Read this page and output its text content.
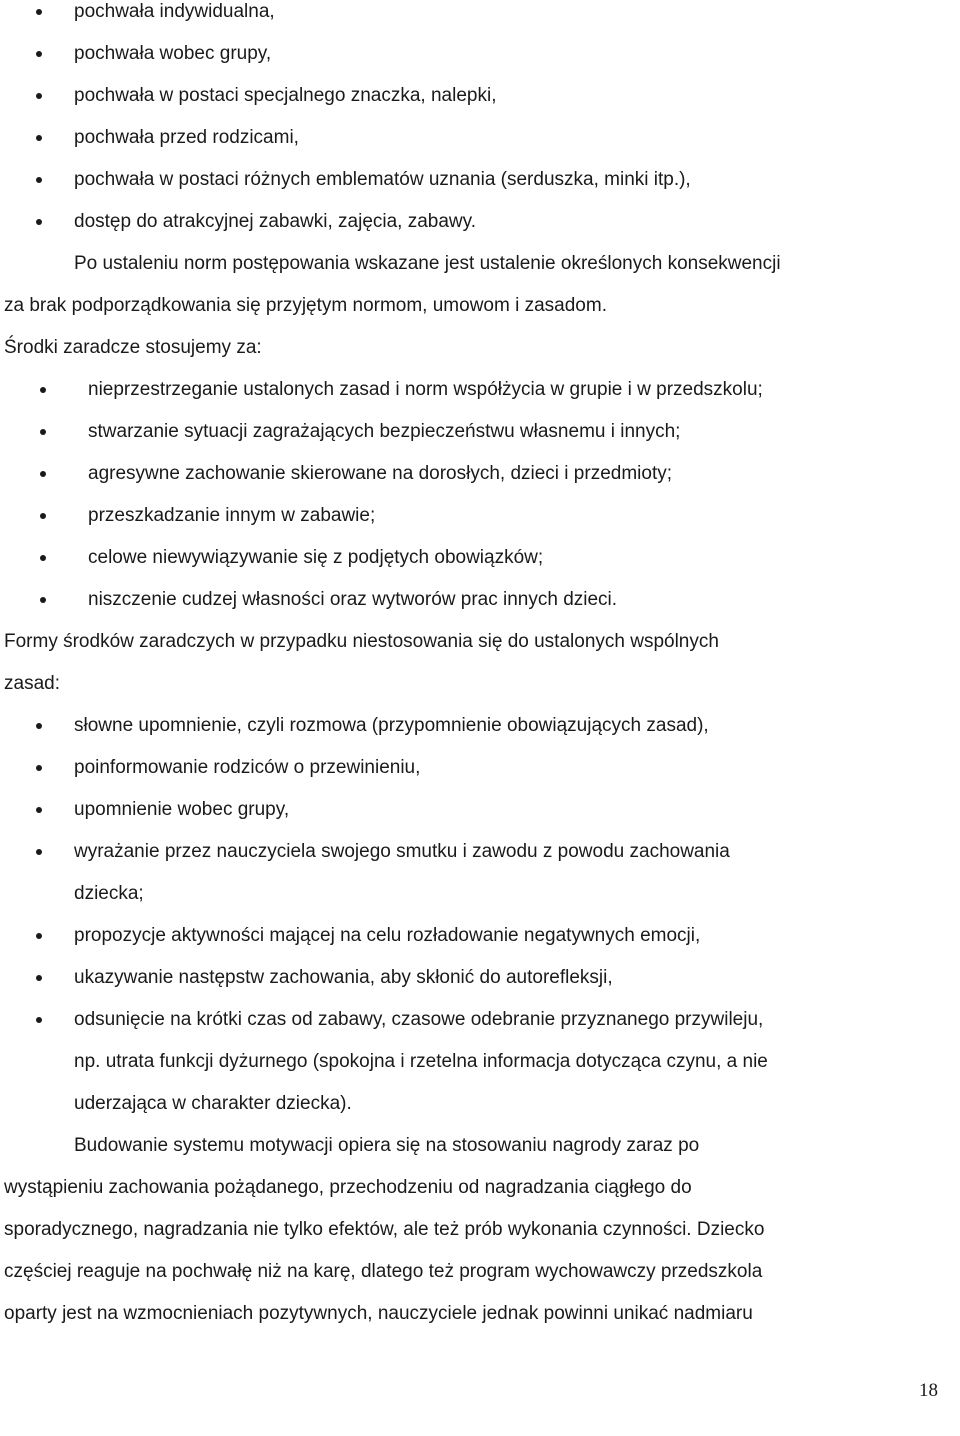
pochwała indywidualna,
pochwała wobec grupy,
pochwała w postaci specjalnego znaczka, nalepki,
pochwała przed rodzicami,
pochwała w postaci różnych emblematów uznania (serduszka, minki itp.),
dostęp do atrakcyjnej zabawki, zajęcia, zabawy.

Po ustaleniu norm postępowania wskazane jest ustalenie określonych konsekwencji

za brak podporządkowania się przyjętym normom, umowom i zasadom.

Środki zaradcze stosujemy za:

nieprzestrzeganie ustalonych zasad i norm współżycia w grupie i w przedszkolu;
stwarzanie sytuacji zagrażających bezpieczeństwu własnemu i innych;
agresywne zachowanie skierowane na dorosłych, dzieci i przedmioty;
przeszkadzanie innym w zabawie;
celowe niewywiązywanie się z podjętych obowiązków;
niszczenie cudzej własności oraz wytworów prac innych dzieci.

Formy środków zaradczych w przypadku niestosowania się do ustalonych wspólnych

zasad:

słowne upomnienie, czyli rozmowa (przypomnienie obowiązujących zasad),
poinformowanie rodziców o przewinieniu,
upomnienie wobec grupy,
wyrażanie przez nauczyciela swojego smutku i zawodu z powodu zachowania
dziecka;
propozycje aktywności mającej na celu rozładowanie negatywnych emocji,
ukazywanie następstw zachowania, aby skłonić do autorefleksji,
odsunięcie na krótki czas od zabawy, czasowe odebranie przyznanego przywileju,
np. utrata funkcji dyżurnego (spokojna i rzetelna informacja dotycząca czynu, a nie
uderzająca w charakter dziecka).

Budowanie systemu motywacji opiera się na stosowaniu nagrody zaraz po

wystąpieniu zachowania pożądanego, przechodzeniu od nagradzania ciągłego do

sporadycznego, nagradzania nie tylko efektów, ale też prób wykonania czynności. Dziecko

częściej reaguje na pochwałę niż na karę, dlatego też program wychowawczy przedszkola

oparty jest na wzmocnieniach pozytywnych, nauczyciele jednak powinni unikać nadmiaru

18
